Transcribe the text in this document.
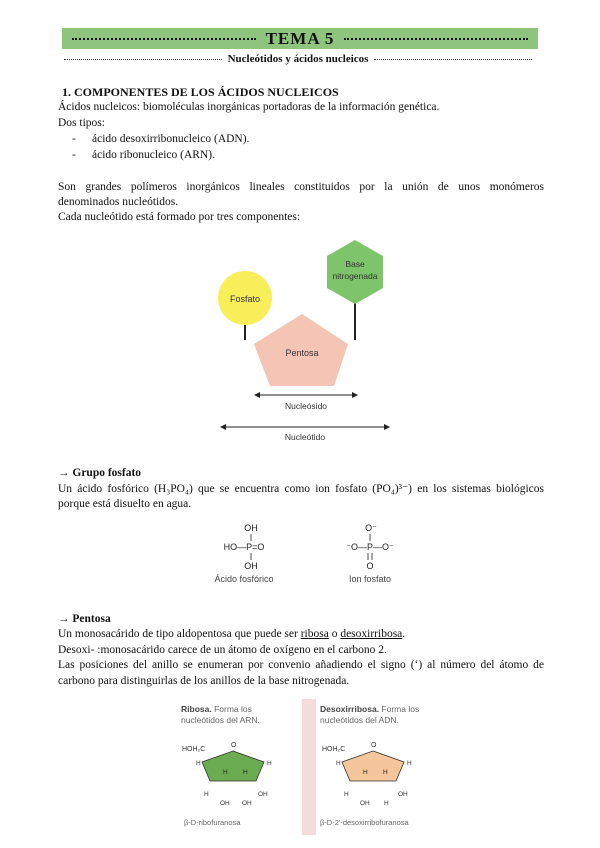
TEMA 5
Nucleótidos y ácidos nucleicos
1. COMPONENTES DE LOS ÁCIDOS NUCLEICOS
Ácidos nucleicos: biomoléculas inorgánicas portadoras de la información genética.
Dos tipos:
- ácido desoxirribonucleico (ADN).
- ácido ribonucleico (ARN).
Son grandes polímeros inorgánicos lineales constituidos por la unión de unos monómeros
denominados nucleótidos.
Cada nucleótido está formado por tres componentes:
Fosfato
Base
nitrogenada
Pentosa
Nucleósido
Nucleótido
→ Grupo fosfato
Un ácido fosfórico (H₃PO₄) que se encuentra como ion fosfato (PO₄)³⁻) en los sistemas biológicos
porque está disuelto en agua.
OH
HO—P=O
OH
Ácido fosfórico
O⁻
⁻O—P—O⁻
O
Ion fosfato
→ Pentosa
Un monosacárido de tipo aldopentosa que puede ser ribosa o desoxirribosa.
Desoxi- :monosacárido carece de un átomo de oxígeno en el carbono 2.
Las posiciones del anillo se enumeran por convenio añadiendo el signo (‘) al número del átomo de
carbono para distinguirlas de los anillos de la base nitrogenada.
Ribosa. Forma los
nucleótidos del ARN.
HOH₂C
O
H H
H	H
H	OH
OH OH
β-D-ribofuranosa
Desoxirribosa. Forma los
nucleótidos del ADN.
HOH₂C
O
H H
H	H
H	OH
OH H
β-D-2'-desoxirribofuranosa
